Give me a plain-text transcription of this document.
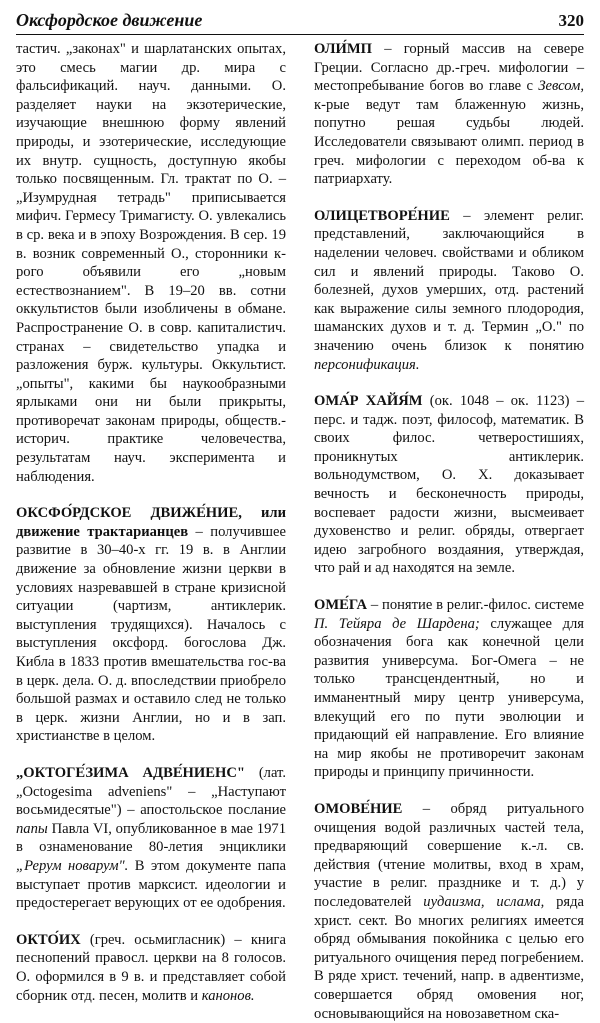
Оксфордское движение	320

тастич. „законах" и шарлатанских опытах, это смесь магии др. мира с фальсификаций. науч. данными. О. разделяет науки на экзотерические, изучающие внешнюю форму явлений природы, и эзотерические, исследующие их внутр. сущность, доступную якобы только посвященным. Гл. трактат по О. – „Изумрудная тетрадь" приписывается мифич. Гермесу Тримагисту. О. увлекались в ср. века и в эпоху Возрождения. В сер. 19 в. возник современный О., сторонники к-рого объявили его „новым естествознанием". В 19–20 вв. сотни оккультистов были изобличены в обмане. Распространение О. в совр. капиталистич. странах – свидетельство упадка и разложения бурж. культуры. Оккультист. „опыты", какими бы наукообразными ярлыками они ни были прикрыты, противоречат законам природы, обществ.-историч. практике человечества, результатам науч. экспериментa и наблюдения.

ОКСФО́РДСКОЕ ДВИЖЕ́НИЕ, или движение трактарианцев – получившее развитие в 30–40-х гг. 19 в. в Англии движение за обновление жизни церкви в условиях назревавшей в стране кризисной ситуации (чартизм, антиклерик. выступления трудящихся). Началось с выступления оксфорд. богослова Дж. Кибла в 1833 против вмешательства гос-ва в церк. дела. О. д. впоследствии приобрело большой размах и оставило след не только в церк. жизни Англии, но и в зап. христианстве в целом.

„ОКТОГЕ́ЗИМА АДВЕ́НИЕНС" (лат. „Octogesima adveniens" – „Наступают восьмидесятые") – апостольское послание папы Павла VI, опубликованное в мае 1971 в ознаменование 80-летия энциклики „Рерум новарум". В этом документе папа выступает против марксист. идеологии и предостерегает верующих от ее одобрения.

ОКТО́ИХ (греч. осьмигласник) – книга песнопений правосл. церкви на 8 голосов. О. оформился в 9 в. и представляет собой сборник отд. песен, молитв и канонов.

ОЛИ́МП – горный массив на севере Греции. Согласно др.-греч. мифологии – местопребывание богов во главе с Зевсом, к-рые ведут там блаженную жизнь, попутно решая судьбы людей. Исследователи связывают олимп. период в греч. мифологии с переходом об-ва к патриархату.

ОЛИЦЕТВОРЕ́НИЕ – элемент религ. представлений, заключающийся в наделении человеч. свойствами и обликом сил и явлений природы. Таково О. болезней, духов умерших, отд. растений как выражение силы земного плодородия, шаманских духов и т. д. Термин „О." по значению очень близок к понятию персонификация.

ОМА́Р ХАЙЯ́М (ок. 1048 – ок. 1123) – перс. и тадж. поэт, философ, математик. В своих филос. четверостишиях, проникнутых антиклерик. вольнодумством, О. Х. доказывает вечность и бесконечность природы, воспевает радости жизни, высмеивает духовенство и религ. обряды, отвергает идею загробного воздаяния, утверждая, что рай и ад находятся на земле.

ОМЕ́ГА – понятие в религ.-филос. системе П. Тейяра де Шардена; служащее для обозначения бога как конечной цели развития универсума. Бог-Омега – не только трансцендентный, но и имманентный миру центр универсума, влекущий его по пути эволюции и придающий ей направление. Его влияние на мир якобы не противоречит законам природы и принципу причинности.

ОМОВЕ́НИЕ – обряд ритуального очищения водой различных частей тела, предваряющий совершение к.-л. св. действия (чтение молитвы, вход в храм, участие в религ. празднике и т. д.) у последователей иудаизма, ислама, ряда христ. сект. Во многих религиях имеется обряд обмывания покойника с целью его ритуального очищения перед погребением. В ряде христ. течений, напр. в адвентизме, совершается обряд омовения ног, основывающийся на новозаветном ска-
